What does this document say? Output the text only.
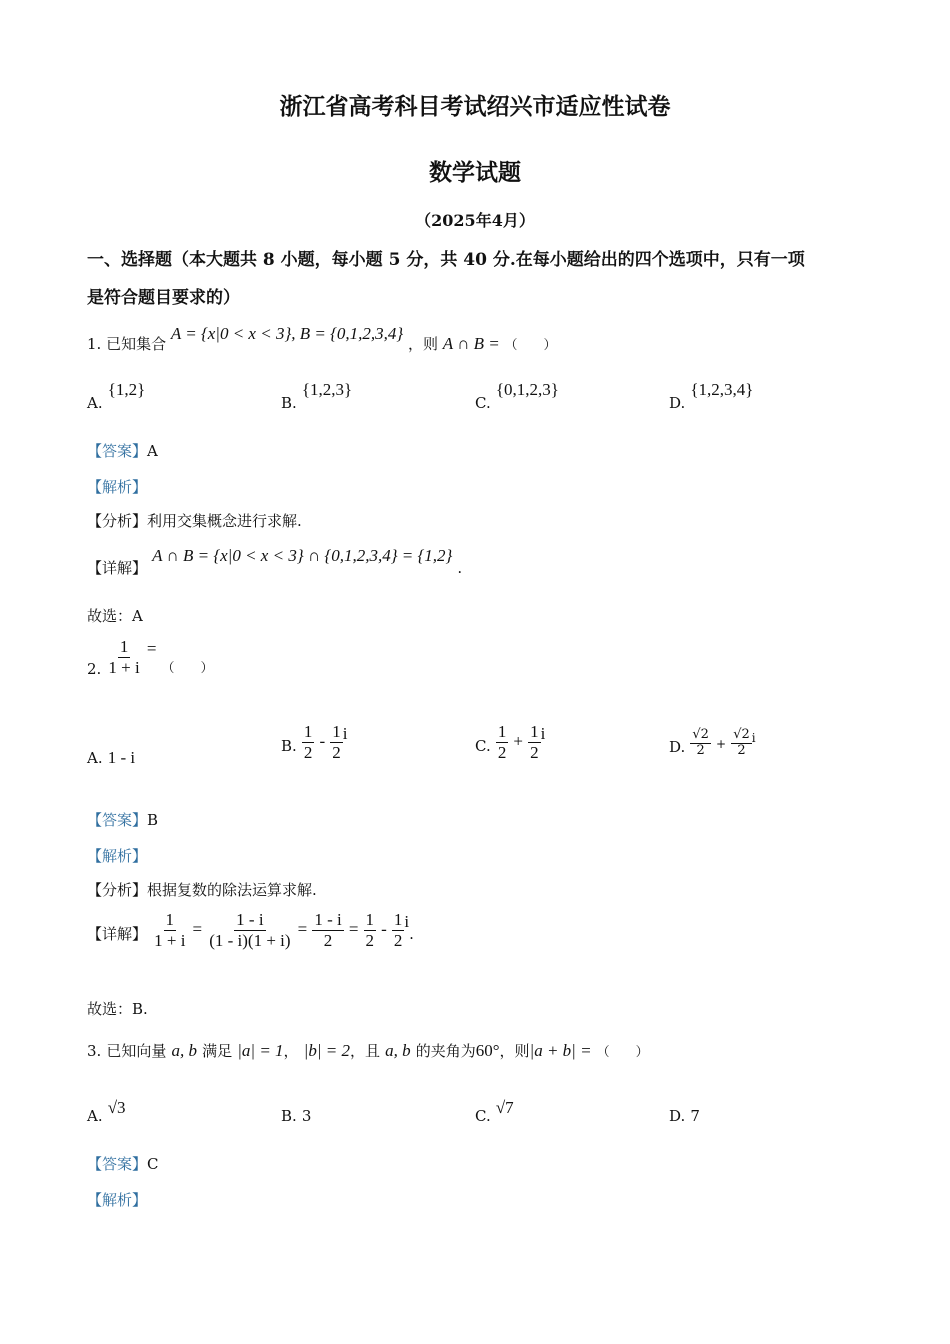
浙江省高考科目考试绍兴市适应性试卷
数学试题
（2025年4月）
一、选择题（本大题共 8 小题，每小题 5 分，共 40 分.在每小题给出的四个选项中，只有一项
是符合题目要求的）
1. 已知集合 A = {x|0 < x < 3}, B = {0,1,2,3,4} ，则 A ∩ B = （　　）
A. {1,2}
B. {1,2,3}
C. {0,1,2,3}
D. {1,2,3,4}
【答案】A
【解析】
【分析】利用交集概念进行求解.
【详解】 A ∩ B = {x|0 < x < 3} ∩ {0,1,2,3,4} = {1,2} .
故选：A
2. $\frac{1}{1 + i} = _{( )}$
A. 1 - i
B. $\frac{1}{2} - \frac{1}{2}$ i
C. $\frac{1}{2} + \frac{1}{2}$ i
D. $\frac{√2}{2} + \frac{√2}{2} ^i$
【答案】B
【解析】
【分析】根据复数的除法运算求解.
【详解】 $\frac{1}{1 + i} = \frac{1 - i}{(1 - i)(1 + i)} = \frac{1 - i}{2} = \frac{1}{2} - \frac{1}{2} i$.
故选：B.
3. 已知向量 a, b 满足 |a| = 1， |b| = 2，且 a, b 的夹角为60°，则|a + b| = （　　）
A. √3	B. 3	C. √7	D. 7
【答案】C
【解析】
